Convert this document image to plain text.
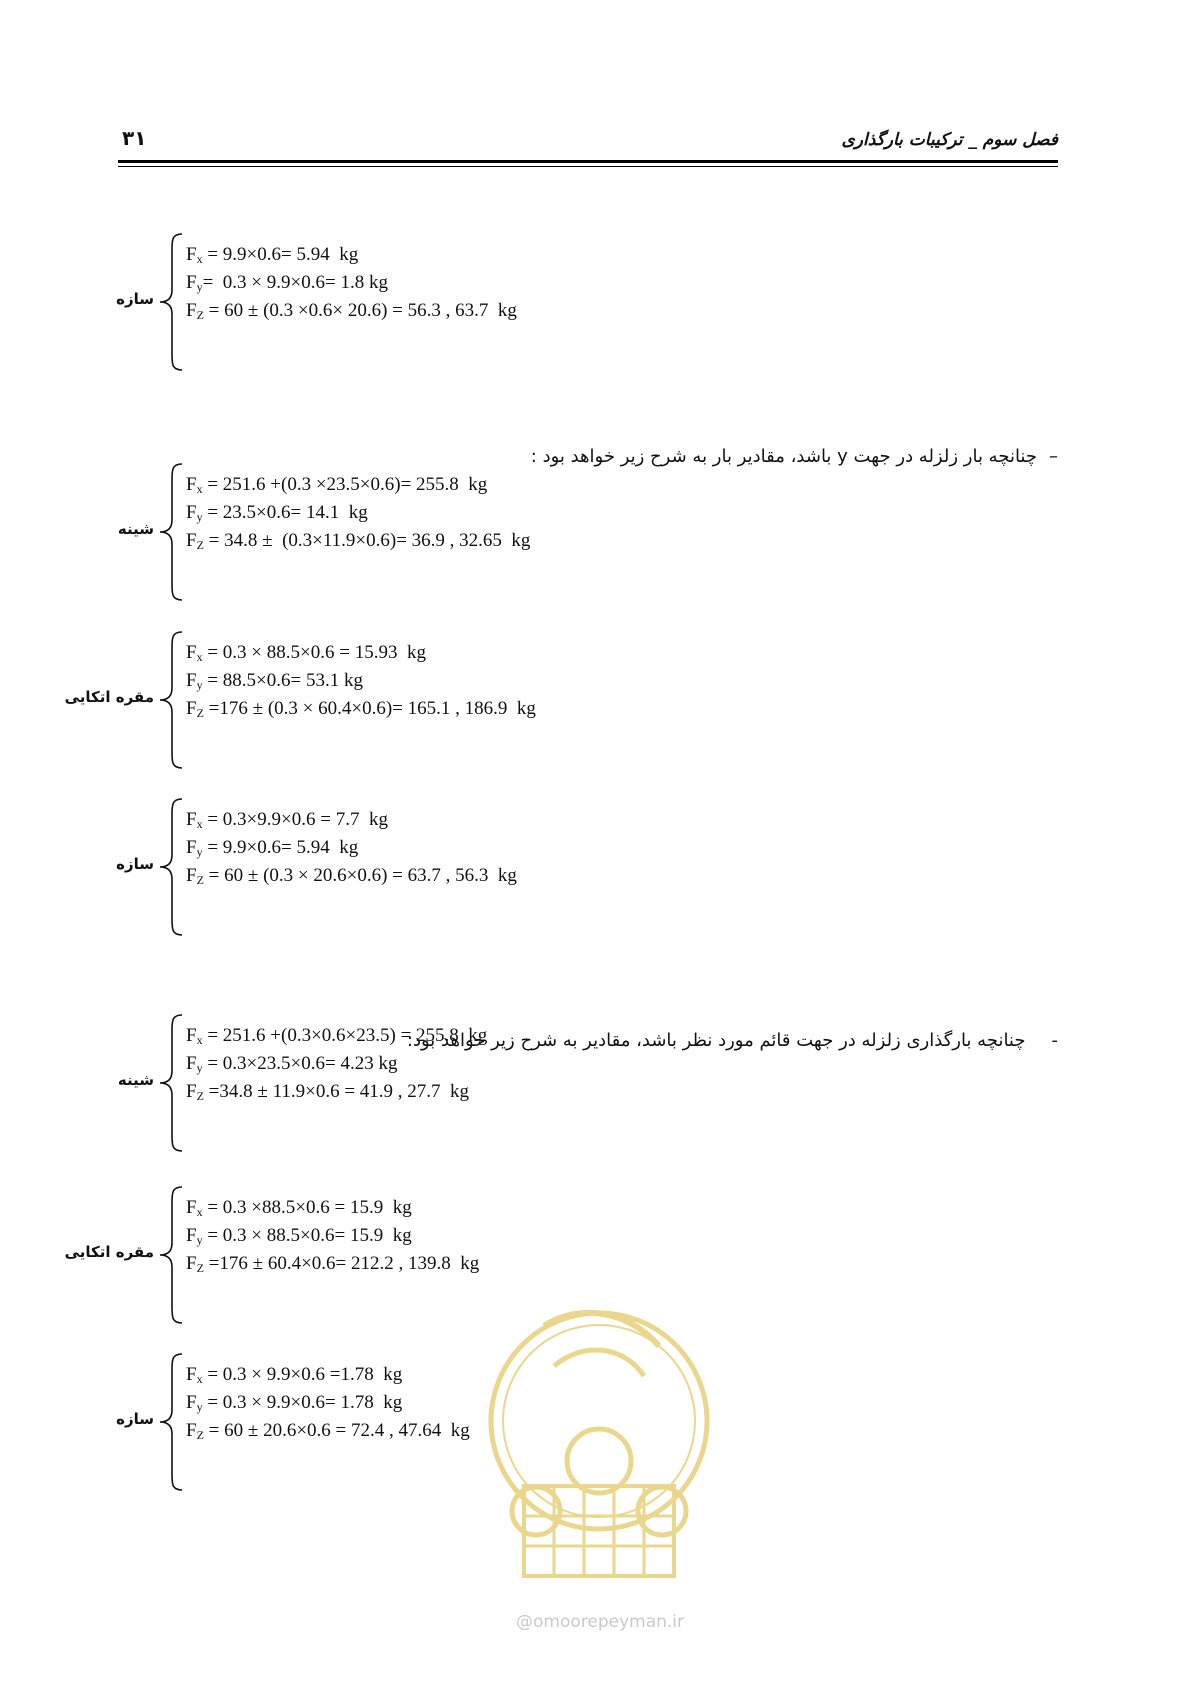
فصل سوم _ ترکیبات بارگذاری
۳۱
–چنانچه بار زلزله در جهت y باشد، مقادیر بار به شرح زیر خواهد بود :
-چنانچه بارگذاری زلزله در جهت قائم مورد نظر باشد، مقادیر به شرح زیر خواهد بود:
سازه
$F_x = 9.9\times 0.6= 5.94$  kg
$F_y= 0.3 \times 9.9\times 0.6= 1.8$ kg
$F_Z = 60 \pm (0.3 \times 0.6\times 20.6) = 56.3$ , 63.7  kg
شینه
$F_x = 251.6 +(0.3 \times 23.5\times 0.6)= 255.8$  kg
$F_y = 23.5\times 0.6= 14.1$  kg
$F_Z = 34.8 \pm (0.3\times 11.9\times 0.6)= 36.9$ , 32.65  kg
مقره اتکایی
$F_x = 0.3 \times 88.5\times 0.6 = 15.93$  kg
$F_y = 88.5\times 0.6= 53.1$ kg
$F_Z =176 \pm (0.3 \times 60.4\times 0.6)= 165.1$ , 186.9  kg
سازه
$F_x = 0.3\times 9.9\times 0.6 = 7.7$  kg
$F_y = 9.9\times 0.6= 5.94$  kg
$F_Z = 60 \pm (0.3 \times 20.6\times 0.6) = 63.7$ , 56.3  kg
شینه
$F_x = 251.6 +(0.3\times 0.6\times 23.5) = 255.8$  kg
$F_y = 0.3\times 23.5\times 0.6= 4.23$ kg
$F_Z =34.8 \pm 11.9\times 0.6 = 41.9$ , 27.7  kg
مقره اتکایی
$F_x = 0.3 \times 88.5\times 0.6 = 15.9$  kg
$F_y = 0.3 \times 88.5\times 0.6= 15.9$  kg
$F_Z =176 \pm 60.4\times 0.6= 212.2$ , 139.8  kg
سازه
$F_x = 0.3 \times 9.9\times 0.6 =1.78$  kg
$F_y = 0.3 \times 9.9\times 0.6= 1.78$  kg
$F_Z = 60 \pm 20.6\times 0.6 = 72.4$ , 47.64  kg
@omoorepeyman.ir
